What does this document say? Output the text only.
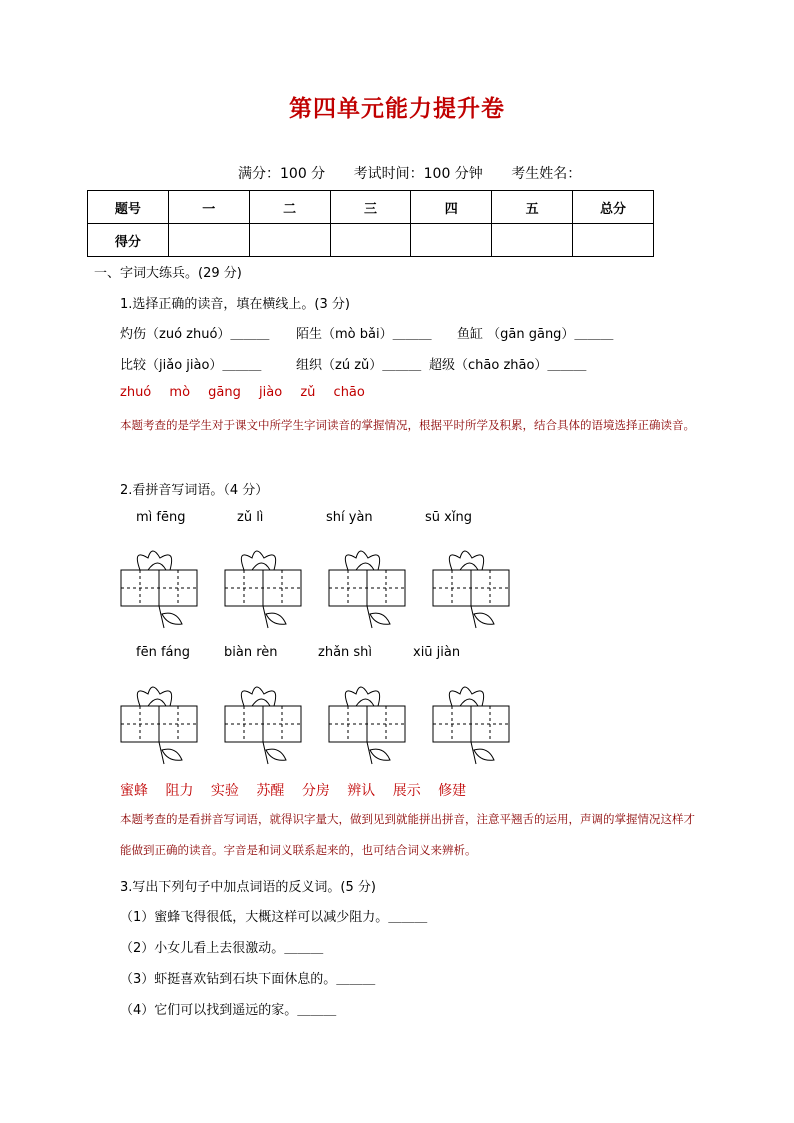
第四单元能力提升卷
满分：100 分 考试时间：100 分钟 考生姓名：
题号	一	二	三	四	五	总分
得分						
一、字词大练兵。(29 分)
1.选择正确的读音，填在横线上。(3 分)
灼伤（zuó zhuó）＿＿＿ 陌生（mò bǎi）＿＿＿ 鱼缸 （gān gāng）＿＿＿
比较（jiǎo jiào）＿＿＿	组织（zú zǔ）＿＿＿ 超级（chāo zhāo）＿＿＿
zhuó mò gāng jiào zǔ chāo
本题考查的是学生对于课文中所学生字词读音的掌握情况，根据平时所学及积累，结合具体的语境选择正确读音。
2.看拼音写词语。（4 分）
mì fēng	zǔ lì	shí yàn	sū xǐng
fēn fáng	biàn rèn	zhǎn shì	xiū jiàn
蜜蜂 阻力 实验 苏醒 分房 辨认 展示 修建
本题考查的是看拼音写词语，就得识字量大，做到见到就能拼出拼音，注意平翘舌的运用，声调的掌握情况这样才能做到正确的读音。字音是和词义联系起来的，也可结合词义来辨析。
3.写出下列句子中加点词语的反义词。(5 分)
（1）蜜蜂飞得很低，大概这样可以减少阻力。＿＿＿
（2）小女儿看上去很激动。＿＿＿
（3）虾挺喜欢钻到石块下面休息的。＿＿＿
（4）它们可以找到遥远的家。＿＿＿
